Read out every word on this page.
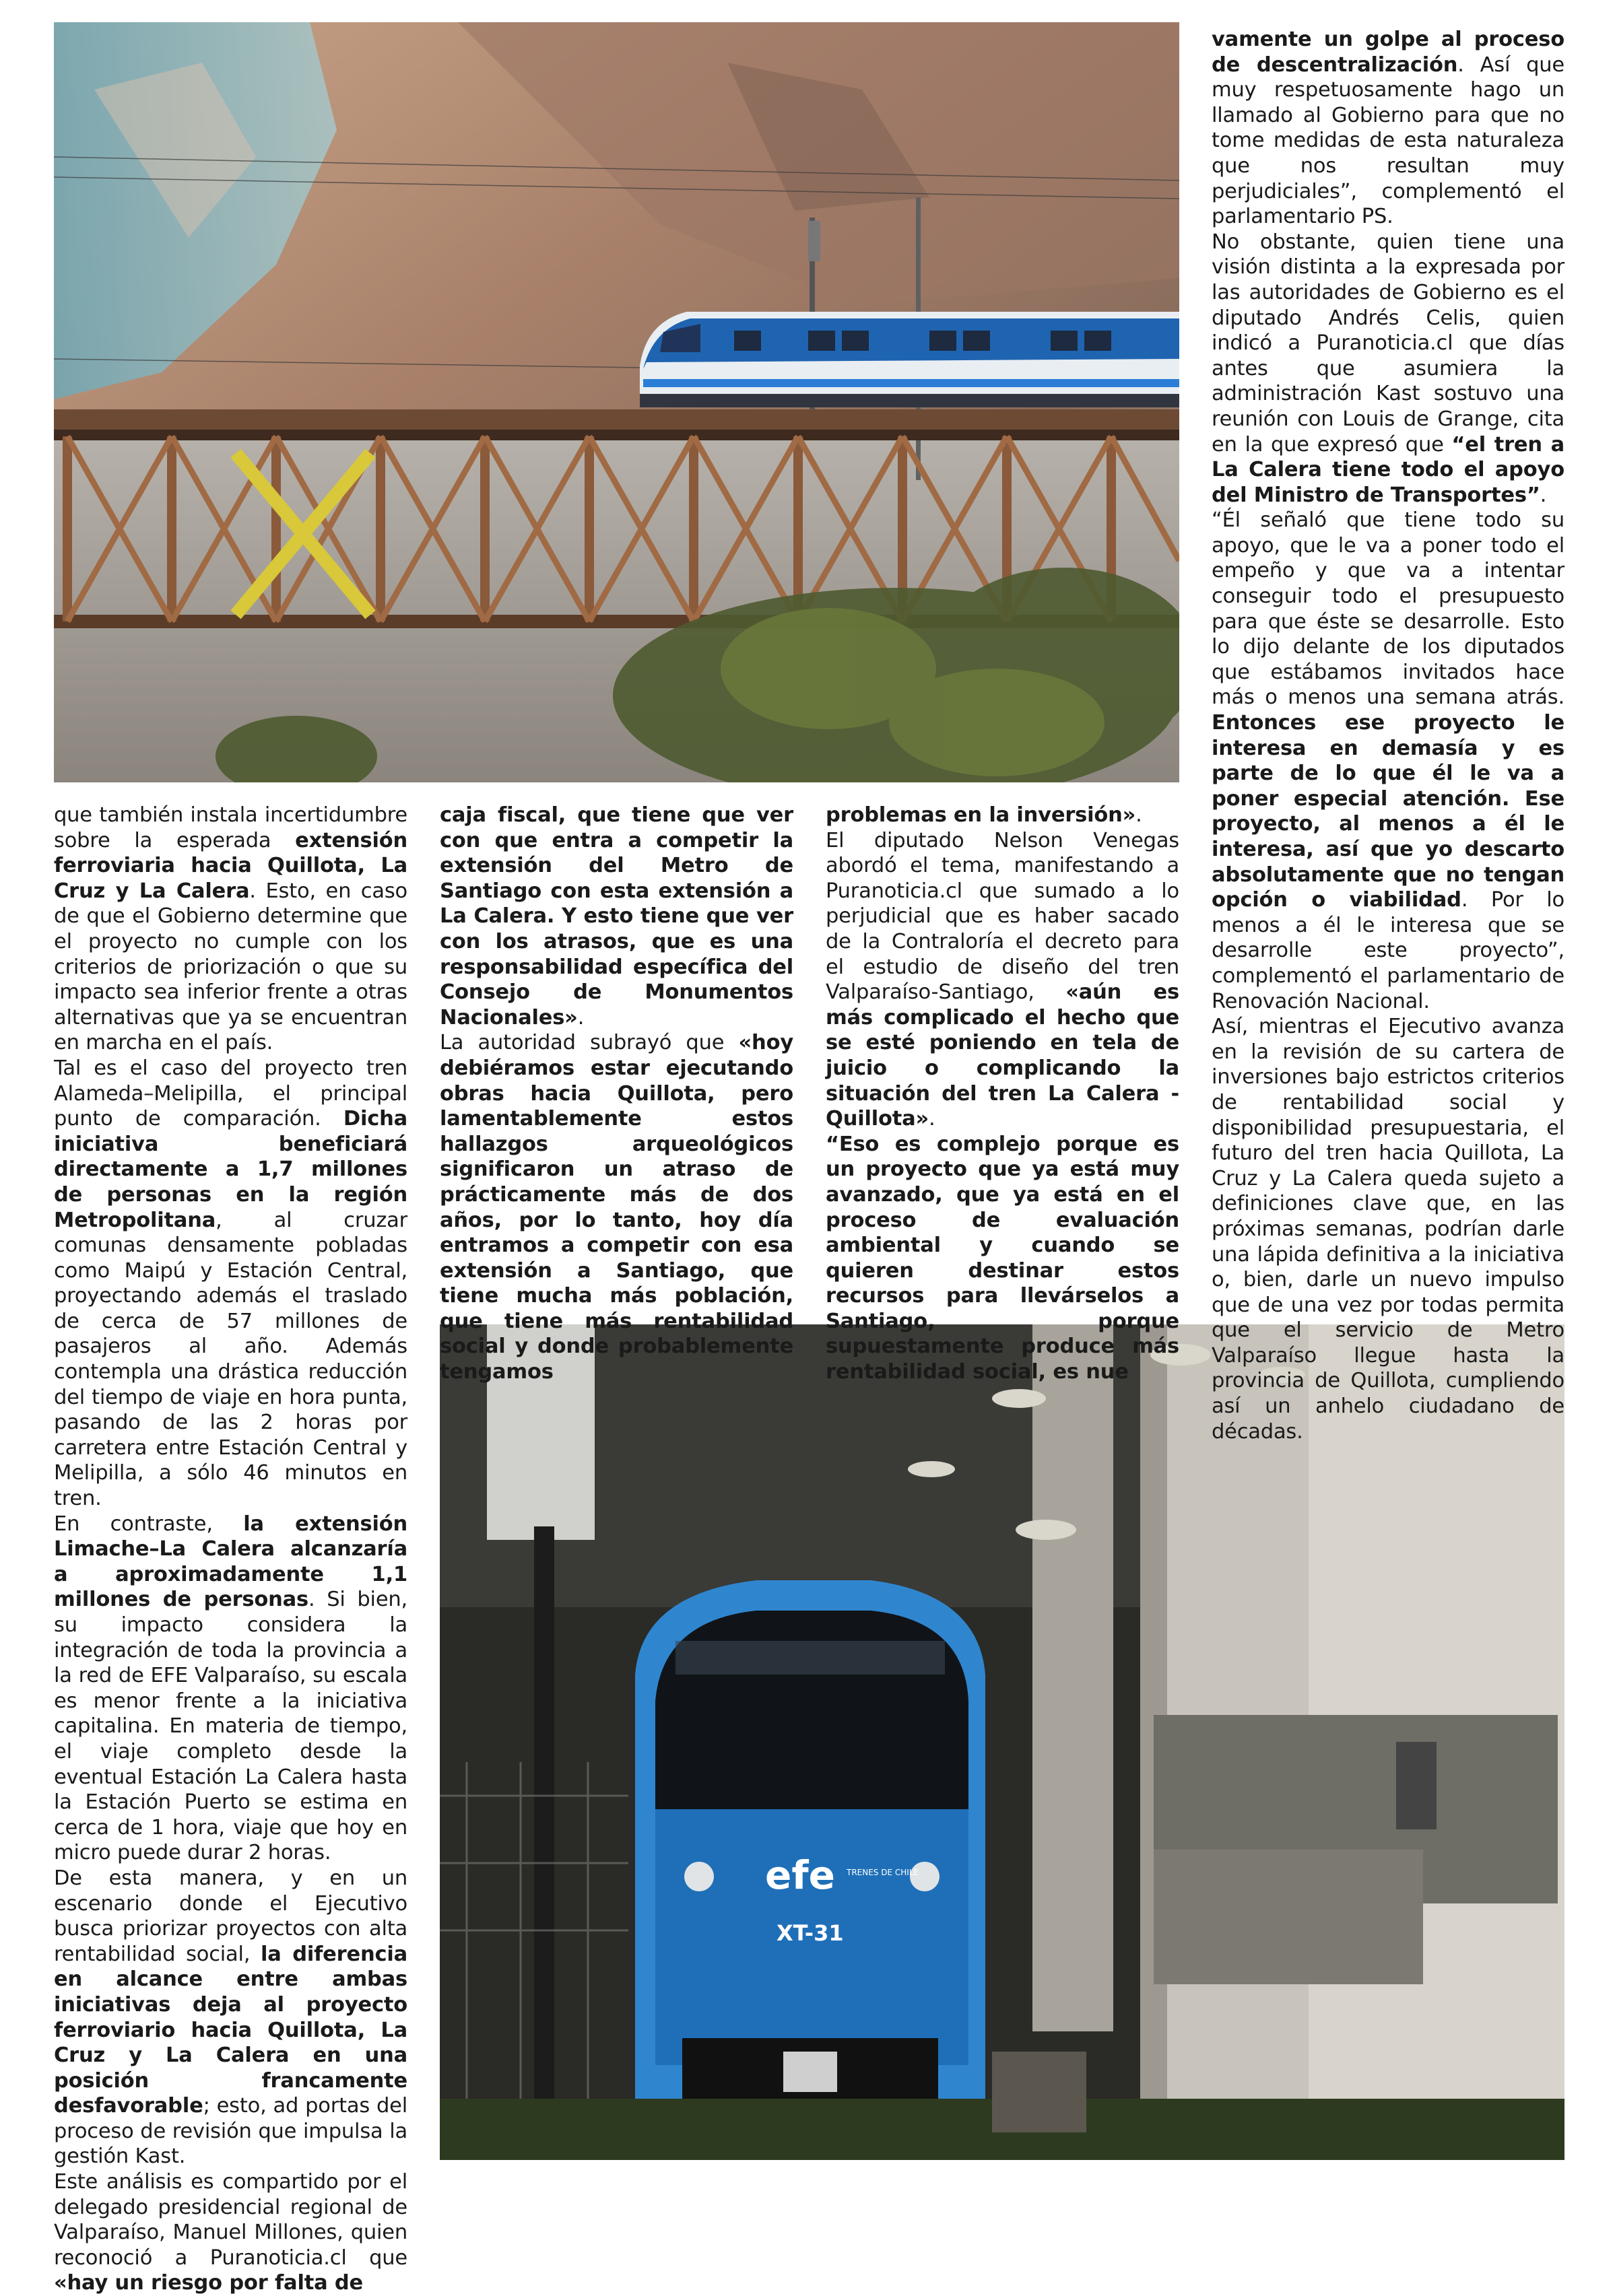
efe TRENES DE CHILE
XT-31

que también instala incertidumbre sobre la esperada extensión ferroviaria hacia Quillota, La Cruz y La Calera. Esto, en caso de que el Gobierno determine que el proyecto no cumple con los criterios de priorización o que su impacto sea inferior frente a otras alternativas que ya se encuentran en marcha en el país.

Tal es el caso del proyecto tren Alameda–Melipilla, el principal punto de comparación. Dicha iniciativa beneficiará directamente a 1,7 millones de personas en la región Metropolitana, al cruzar comunas densamente pobladas como Maipú y Estación Central, proyectando además el traslado de cerca de 57 millones de pasajeros al año. Además contempla una drástica reducción del tiempo de viaje en hora punta, pasando de las 2 horas por carretera entre Estación Central y Melipilla, a sólo 46 minutos en tren.

En contraste, la extensión Limache–La Calera alcanzaría a aproximadamente 1,1 millones de personas. Si bien, su impacto considera la integración de toda la provincia a la red de EFE Valparaíso, su escala es menor frente a la iniciativa capitalina. En materia de tiempo, el viaje completo desde la eventual Estación La Calera hasta la Estación Puerto se estima en cerca de 1 hora, viaje que hoy en micro puede durar 2 horas.

De esta manera, y en un escenario donde el Ejecutivo busca priorizar proyectos con alta rentabilidad social, la diferencia en alcance entre ambas iniciativas deja al proyecto ferroviario hacia Quillota, La Cruz y La Calera en una posición francamente desfavorable; esto, ad portas del proceso de revisión que impulsa la gestión Kast.

Este análisis es compartido por el delegado presidencial regional de Valparaíso, Manuel Millones, quien reconoció a Puranoticia.cl que «hay un riesgo por falta de

caja fiscal, que tiene que ver con que entra a competir la extensión del Metro de Santiago con esta extensión a La Calera. Y esto tiene que ver con los atrasos, que es una responsabilidad específica del Consejo de Monumentos Nacionales».

La autoridad subrayó que «hoy debiéramos estar ejecutando obras hacia Quillota, pero lamentablemente estos hallazgos arqueológicos significaron un atraso de prácticamente más de dos años, por lo tanto, hoy día entramos a competir con esa extensión a Santiago, que tiene mucha más población, que tiene más rentabilidad social y donde probablemente tengamos

problemas en la inversión».

El diputado Nelson Venegas abordó el tema, manifestando a Puranoticia.cl que sumado a lo perjudicial que es haber sacado de la Contraloría el decreto para el estudio de diseño del tren Valparaíso-Santiago, «aún es más complicado el hecho que se esté poniendo en tela de juicio o complicando la situación del tren La Calera - Quillota».

“Eso es complejo porque es un proyecto que ya está muy avanzado, que ya está en el proceso de evaluación ambiental y cuando se quieren destinar estos recursos para llevárselos a Santiago, porque supuestamente produce más rentabilidad social, es nue

vamente un golpe al proceso de descentralización. Así que muy respetuosamente hago un llamado al Gobierno para que no tome medidas de esta naturaleza que nos resultan muy perjudiciales”, complementó el parlamentario PS.

No obstante, quien tiene una visión distinta a la expresada por las autoridades de Gobierno es el diputado Andrés Celis, quien indicó a Puranoticia.cl que días antes que asumiera la administración Kast sostuvo una reunión con Louis de Grange, cita en la que expresó que “el tren a La Calera tiene todo el apoyo del Ministro de Transportes”.

“Él señaló que tiene todo su apoyo, que le va a poner todo el empeño y que va a intentar conseguir todo el presupuesto para que éste se desarrolle. Esto lo dijo delante de los diputados que estábamos invitados hace más o menos una semana atrás. Entonces ese proyecto le interesa en demasía y es parte de lo que él le va a poner especial atención. Ese proyecto, al menos a él le interesa, así que yo descarto absolutamente que no tengan opción o viabilidad. Por lo menos a él le interesa que se desarrolle este proyecto”, complementó el parlamentario de Renovación Nacional.

Así, mientras el Ejecutivo avanza en la revisión de su cartera de inversiones bajo estrictos criterios de rentabilidad social y disponibilidad presupuestaria, el futuro del tren hacia Quillota, La Cruz y La Calera queda sujeto a definiciones clave que, en las próximas semanas, podrían darle una lápida definitiva a la iniciativa o, bien, darle un nuevo impulso que de una vez por todas permita que el servicio de Metro Valparaíso llegue hasta la provincia de Quillota, cumpliendo así un anhelo ciudadano de décadas.
